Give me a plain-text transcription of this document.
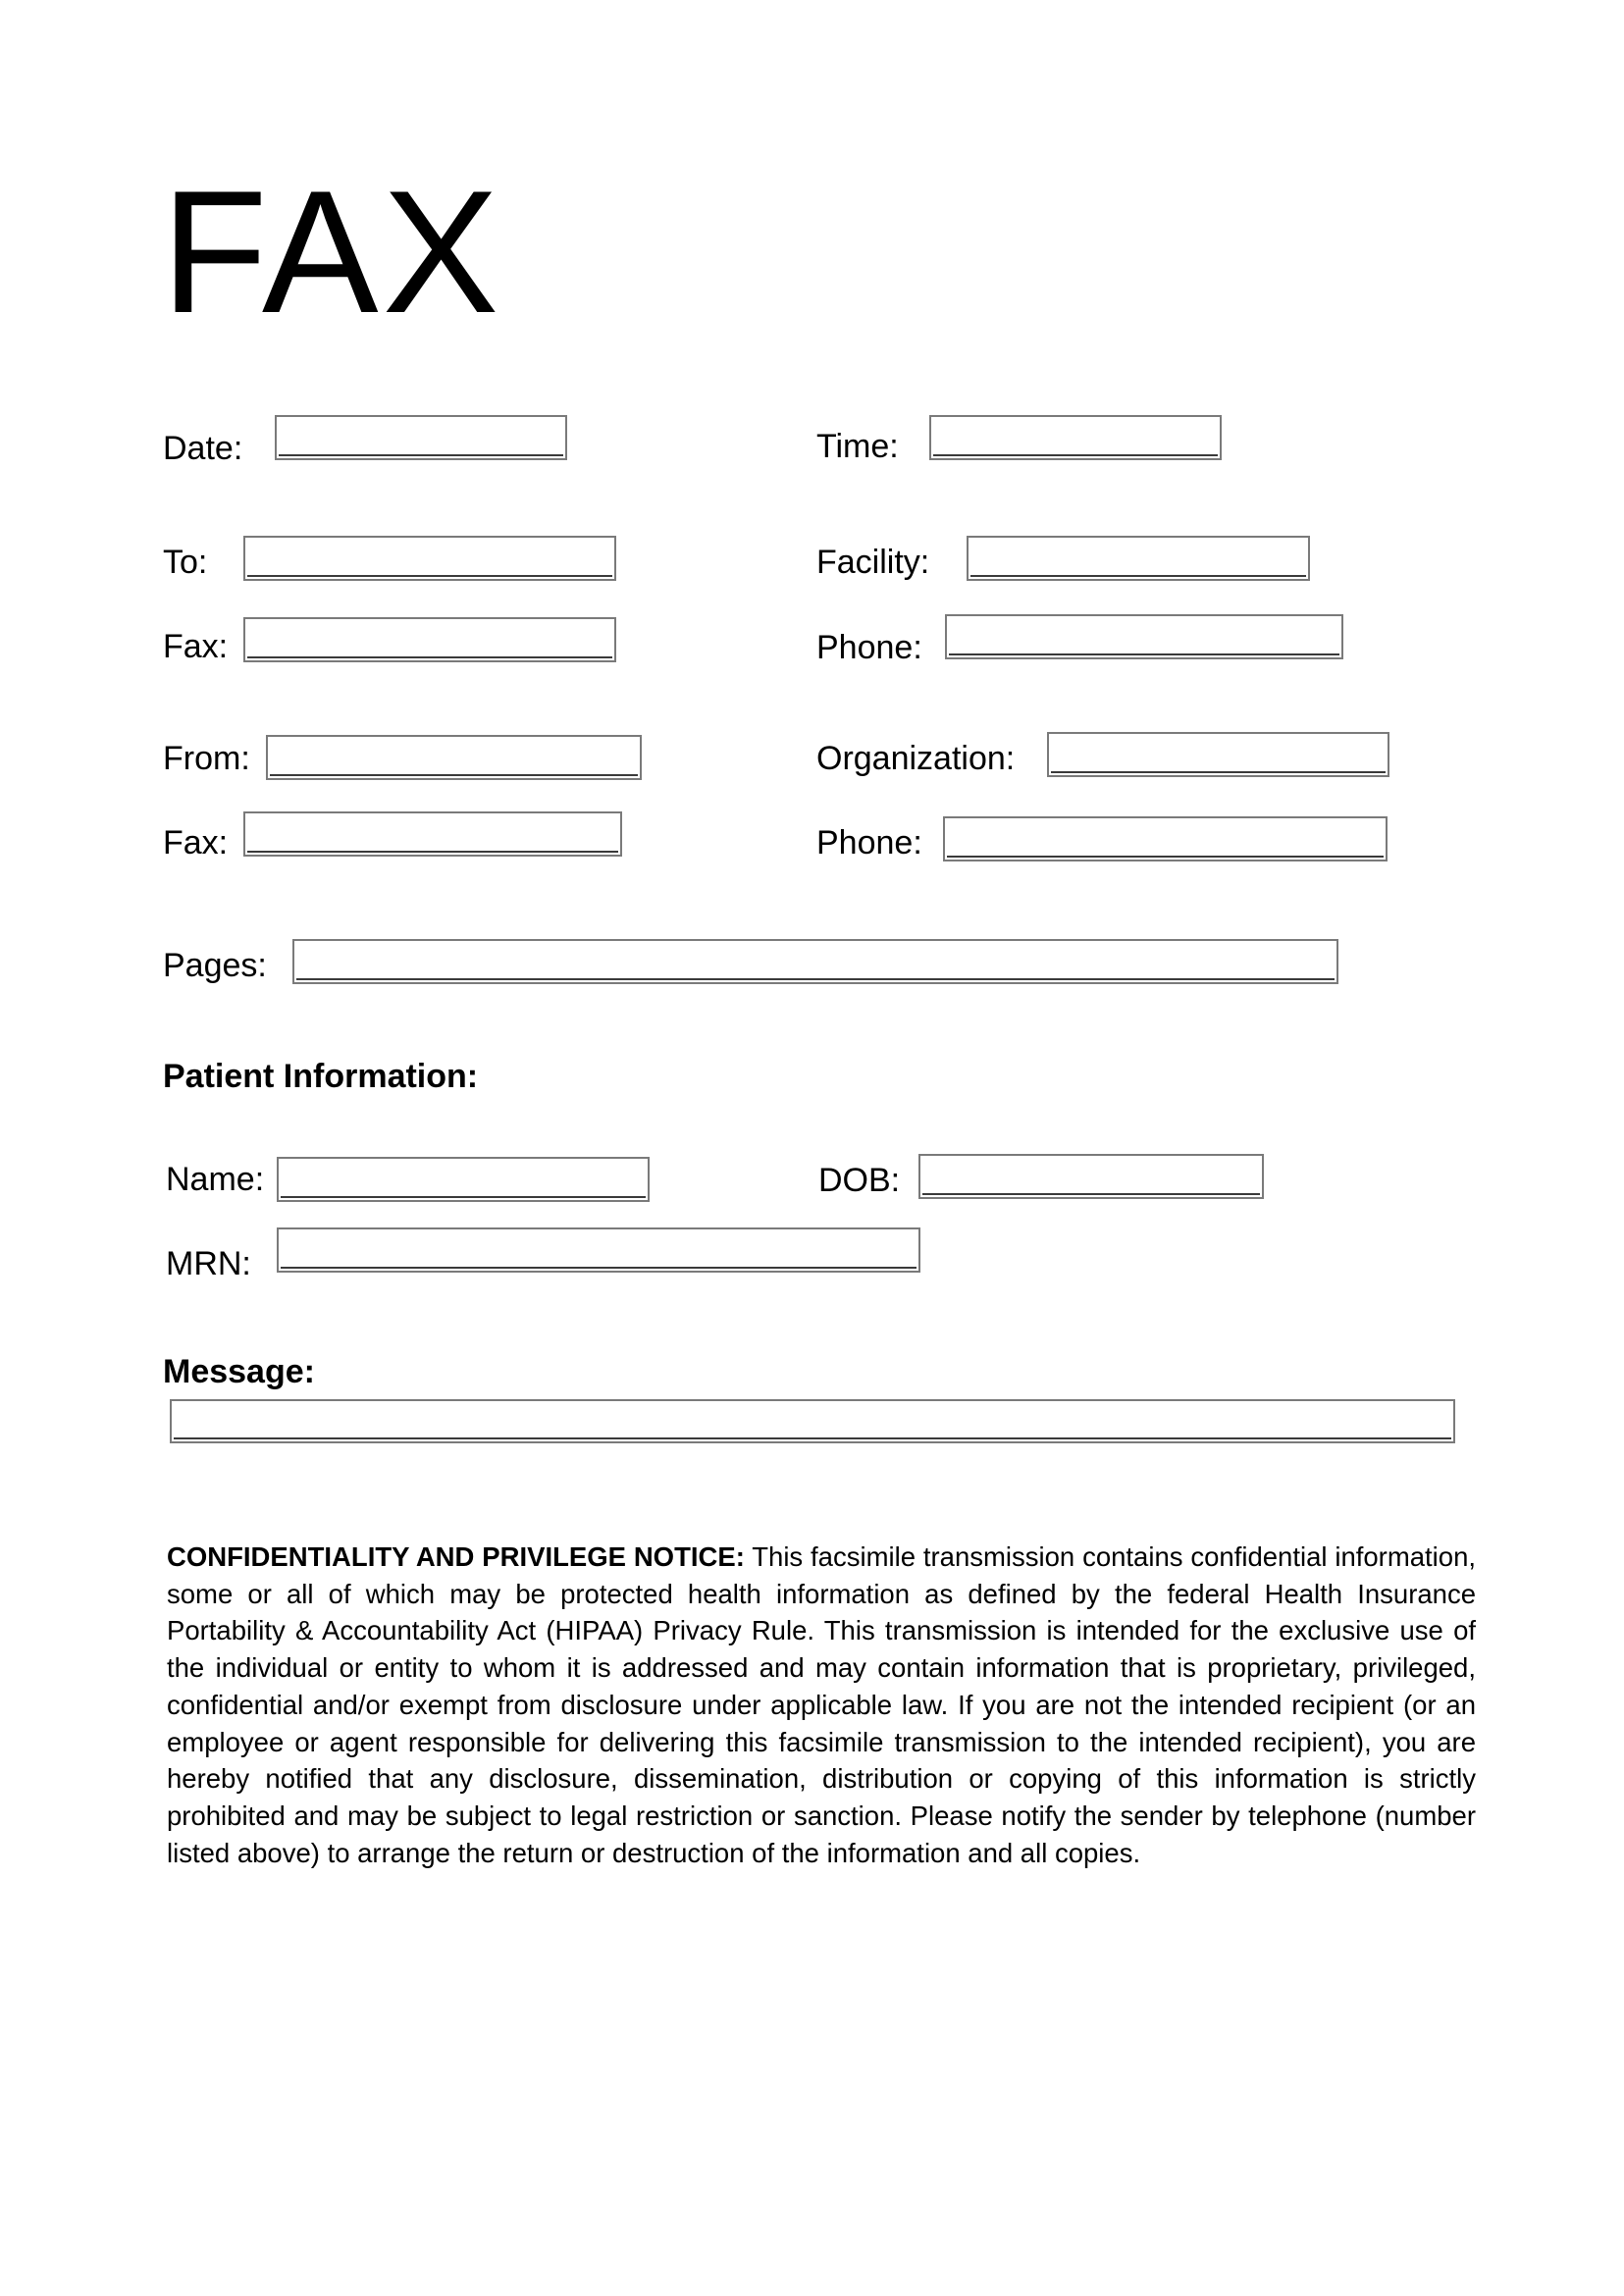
FAX
Date:	Time:
To:	Facility:
Fax:	Phone:
From:	Organization:
Fax:	Phone:
Pages:
Patient Information:
Name:	DOB:
MRN:
Message:

CONFIDENTIALITY AND PRIVILEGE NOTICE: This facsimile transmission contains confidential information, some or all of which may be protected health information as defined by the federal Health Insurance Portability & Accountability Act (HIPAA) Privacy Rule. This transmission is intended for the exclusive use of the individual or entity to whom it is addressed and may contain information that is proprietary, privileged, confidential and/or exempt from disclosure under applicable law. If you are not the intended recipient (or an employee or agent responsible for delivering this facsimile transmission to the intended recipient), you are hereby notified that any disclosure, dissemination, distribution or copying of this information is strictly prohibited and may be subject to legal restriction or sanction. Please notify the sender by telephone (number listed above) to arrange the return or destruction of the information and all copies.
